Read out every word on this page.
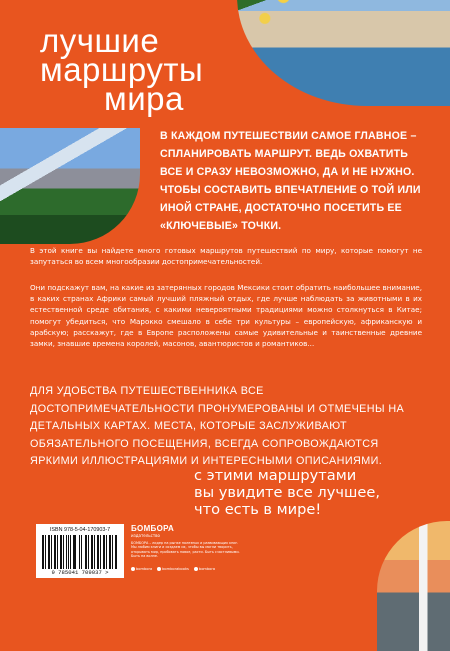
лучшие
маршруты
мира
В КАЖДОМ ПУТЕШЕСТВИИ САМОЕ ГЛАВНОЕ – СПЛАНИРОВАТЬ МАРШРУТ. ВЕДЬ ОХВАТИТЬ ВСЕ И СРАЗУ НЕВОЗМОЖНО, ДА И НЕ НУЖНО. ЧТОБЫ СОСТАВИТЬ ВПЕЧАТЛЕНИЕ О ТОЙ ИЛИ ИНОЙ СТРАНЕ, ДОСТАТОЧНО ПОСЕТИТЬ ЕЕ «КЛЮЧЕВЫЕ» ТОЧКИ.
В этой книге вы найдете много готовых маршрутов путешествий по миру, которые помогут не запутаться во всем многообразии достопримечательностей.
Они подскажут вам, на какие из затерянных городов Мексики стоит обратить наибольшее внимание, в каких странах Африки самый лучший пляжный отдых, где лучше наблюдать за животными в их естественной среде обитания, с какими невероятными традициями можно столкнуться в Китае; помогут убедиться, что Марокко смешало в себе три культуры – европейскую, африканскую и арабскую; расскажут, где в Европе расположены самые удивительные и таинственные древние замки, знавшие времена королей, масонов, авантюристов и романтиков...
ДЛЯ УДОБСТВА ПУТЕШЕСТВЕННИКА ВСЕ ДОСТОПРИМЕЧАТЕЛЬНОСТИ ПРОНУМЕРОВАНЫ И ОТМЕЧЕНЫ НА ДЕТАЛЬНЫХ КАРТАХ. МЕСТА, КОТОРЫЕ ЗАСЛУЖИВАЮТ ОБЯЗАТЕЛЬНОГО ПОСЕЩЕНИЯ, ВСЕГДА СОПРОВОЖДАЮТСЯ ЯРКИМИ ИЛЛЮСТРАЦИЯМИ И ИНТЕРЕСНЫМИ ОПИСАНИЯМИ.
с этими маршрутами
вы увидите все лучшее,
что есть в мире!
ISBN 978-5-04-170903-7
9 785041 709037 >
БОМБОРА
издательство
БОМБОРА – лидер на рынке полезных и развивающих книг. Мы любим книги и создаем их, чтобы вы могли творить, открывать мир, пробовать новое, расти. Быть счастливыми. Быть на волне.
bombora	bomborabooks	bombora
